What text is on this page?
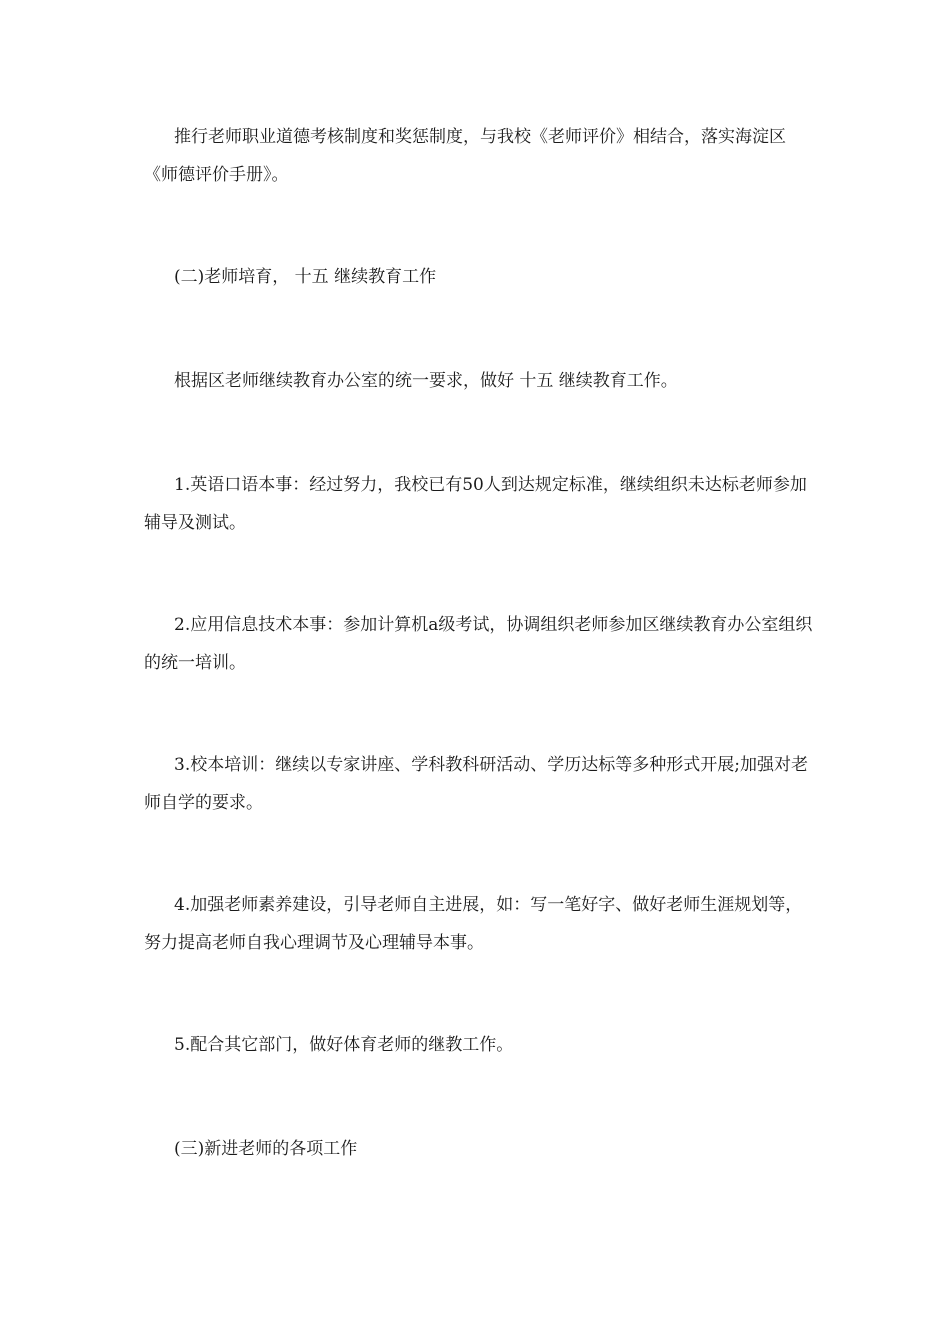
推行老师职业道德考核制度和奖惩制度，与我校《老师评价》相结合，落实海淀区《师德评价手册》。

(二)老师培育， 十五 继续教育工作

根据区老师继续教育办公室的统一要求，做好 十五 继续教育工作。

1.英语口语本事：经过努力，我校已有50人到达规定标准，继续组织未达标老师参加辅导及测试。

2.应用信息技术本事：参加计算机a级考试，协调组织老师参加区继续教育办公室组织的统一培训。

3.校本培训：继续以专家讲座、学科教科研活动、学历达标等多种形式开展;加强对老师自学的要求。

4.加强老师素养建设，引导老师自主进展，如：写一笔好字、做好老师生涯规划等，努力提高老师自我心理调节及心理辅导本事。

5.配合其它部门，做好体育老师的继教工作。

(三)新进老师的各项工作
